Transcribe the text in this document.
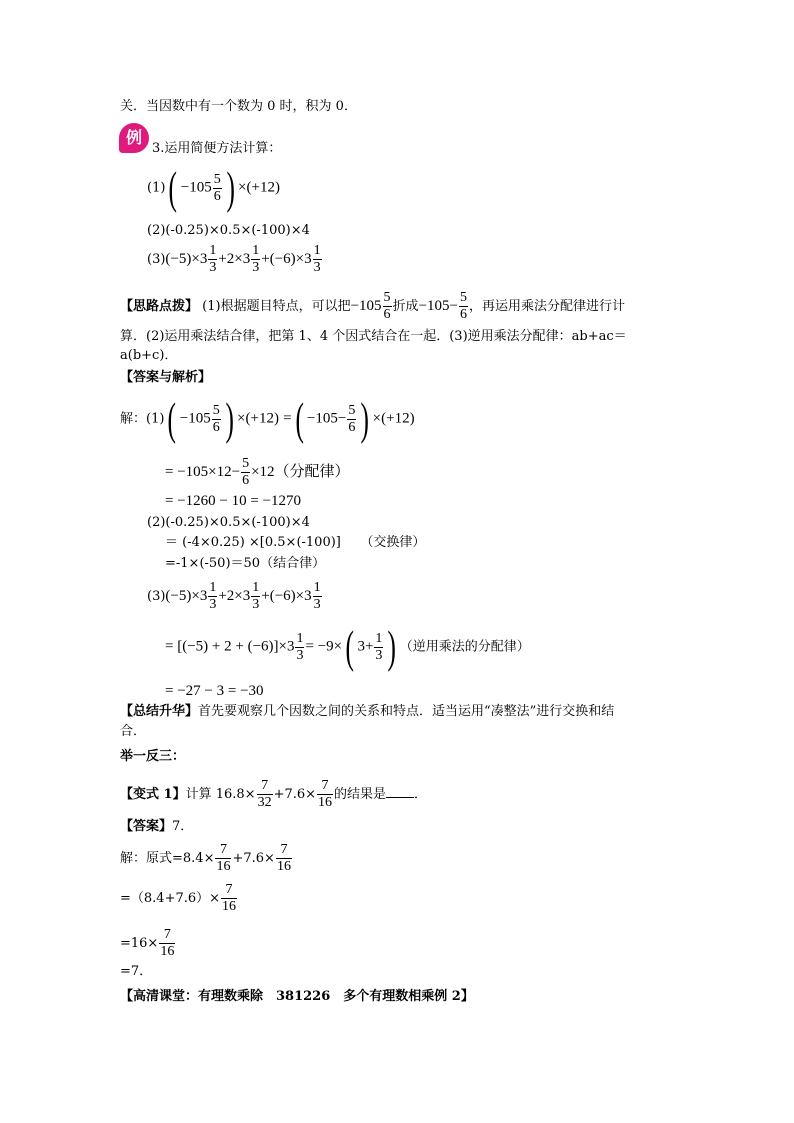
关．当因数中有一个数为 0 时，积为 0．
例
3.运用简便方法计算：
$(1)( -105 \frac{5}{6}$ ) ×(+12)
(2)(-0.25)×0.5×(-100)×4
$(3)(-5)\times 3 \frac{1}{3} +2\times 3 \frac{1}{3} +(-6)\times 3 \frac{1}{3}$
【思路点拨】 (1)根据题目特点，可以把$-105 \frac{5}{6}$ 折成$-105- \frac{5}{6}$ ，再运用乘法分配律进行计
算．(2)运用乘法结合律，把第 1、4 个因式结合在一起．(3)逆用乘法分配律：ab+ac＝
a(b+c)．
【答案与解析】
解：$(1)( -105 \frac{5}{6}$ ) ×(+12) =( $-105- \frac{5}{6}$ ) ×(+12)
= $-105\times 12- \frac{5}{6} \times 12$（分配律）
= −1260 − 10 = −1270
(2)(-0.25)×0.5×(-100)×4
＝ (-4×0.25) ×[0.5×(-100)]　　（交换律）
=-1×(-50)＝50（结合律）
$(3)(-5)\times 3 \frac{1}{3} +2\times 3 \frac{1}{3} +(-6)\times 3 \frac{1}{3}$
= $[(-5) + 2 + (-6)]\times 3 \frac{1}{3} = -9\times$( $3+ \frac{1}{3}$ ) （逆用乘法的分配律）
= −27 − 3 = −30
【总结升华】首先要观察几个因数之间的关系和特点．适当运用“凑整法”进行交换和结
合．
举一反三：
【变式 1】计算 $16.8\times \frac{7}{32} +7.6\times \frac{7}{16}$ 的结果是 ．
【答案】7．
解：原式$=8.4\times \frac{7}{16} +7.6\times \frac{7}{16}$
$=(8.4+7.6)\times \frac{7}{16}$
$=16\times \frac{7}{16}$
=7．
【高清课堂：有理数乘除　381226　多个有理数相乘例 2】
